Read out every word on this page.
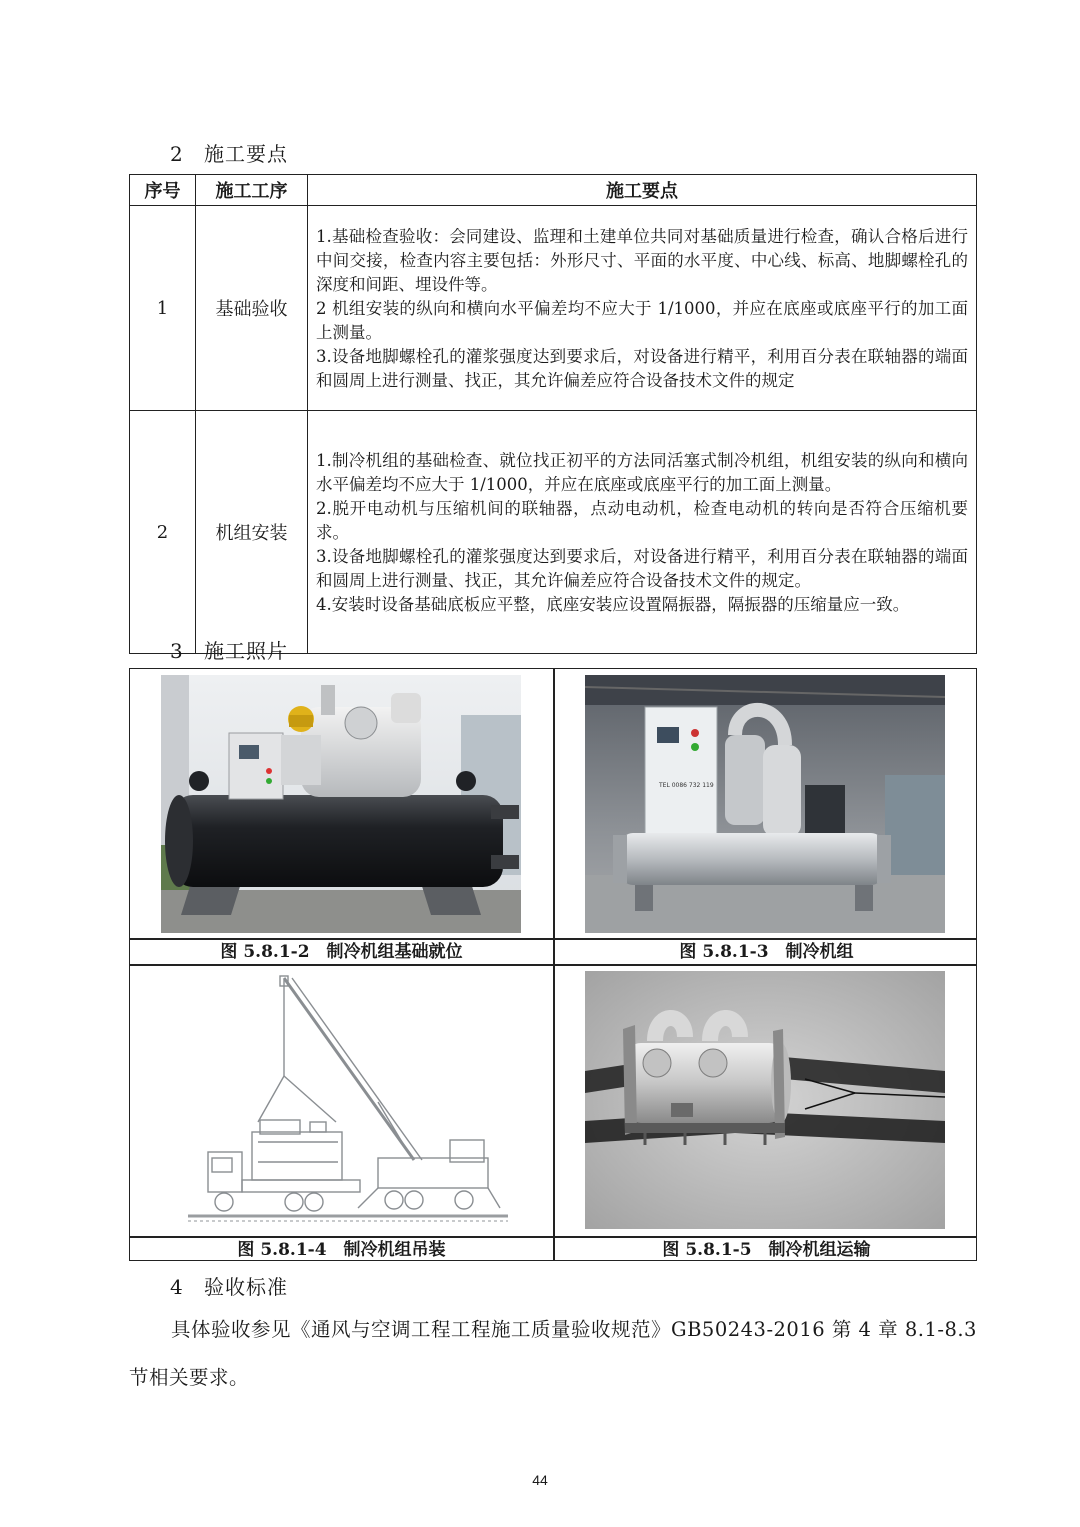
2 施工要点
序号	施工工序	施工要点
1	基础验收	1.基础检查验收：会同建设、监理和土建单位共同对基础质量进行检查，确认合格后进行中间交接，检查内容主要包括：外形尺寸、平面的水平度、中心线、标高、地脚螺栓孔的深度和间距、埋设件等。
2 机组安装的纵向和横向水平偏差均不应大于 1/1000，并应在底座或底座平行的加工面上测量。
3.设备地脚螺栓孔的灌浆强度达到要求后，对设备进行精平，利用百分表在联轴器的端面和圆周上进行测量、找正，其允许偏差应符合设备技术文件的规定

2	机组安装	1.制冷机组的基础检查、就位找正初平的方法同活塞式制冷机组，机组安装的纵向和横向水平偏差均不应大于 1/1000，并应在底座或底座平行的加工面上测量。
2.脱开电动机与压缩机间的联轴器，点动电动机，检查电动机的转向是否符合压缩机要求。
3.设备地脚螺栓孔的灌浆强度达到要求后，对设备进行精平，利用百分表在联轴器的端面和圆周上进行测量、找正，其允许偏差应符合设备技术文件的规定。
4.安装时设备基础底板应平整，底座安装应设置隔振器，隔振器的压缩量应一致。
3 施工照片
图 5.8.1-2　制冷机组基础就位
TEL 0086 732 119
图 5.8.1-3　制冷机组
图 5.8.1-4　制冷机组吊装	图 5.8.1-5　制冷机组运输
4 验收标准
具体验收参见《通风与空调工程工程施工质量验收规范》GB50243-2016 第 4 章 8.1-8.3 节相关要求。
44
